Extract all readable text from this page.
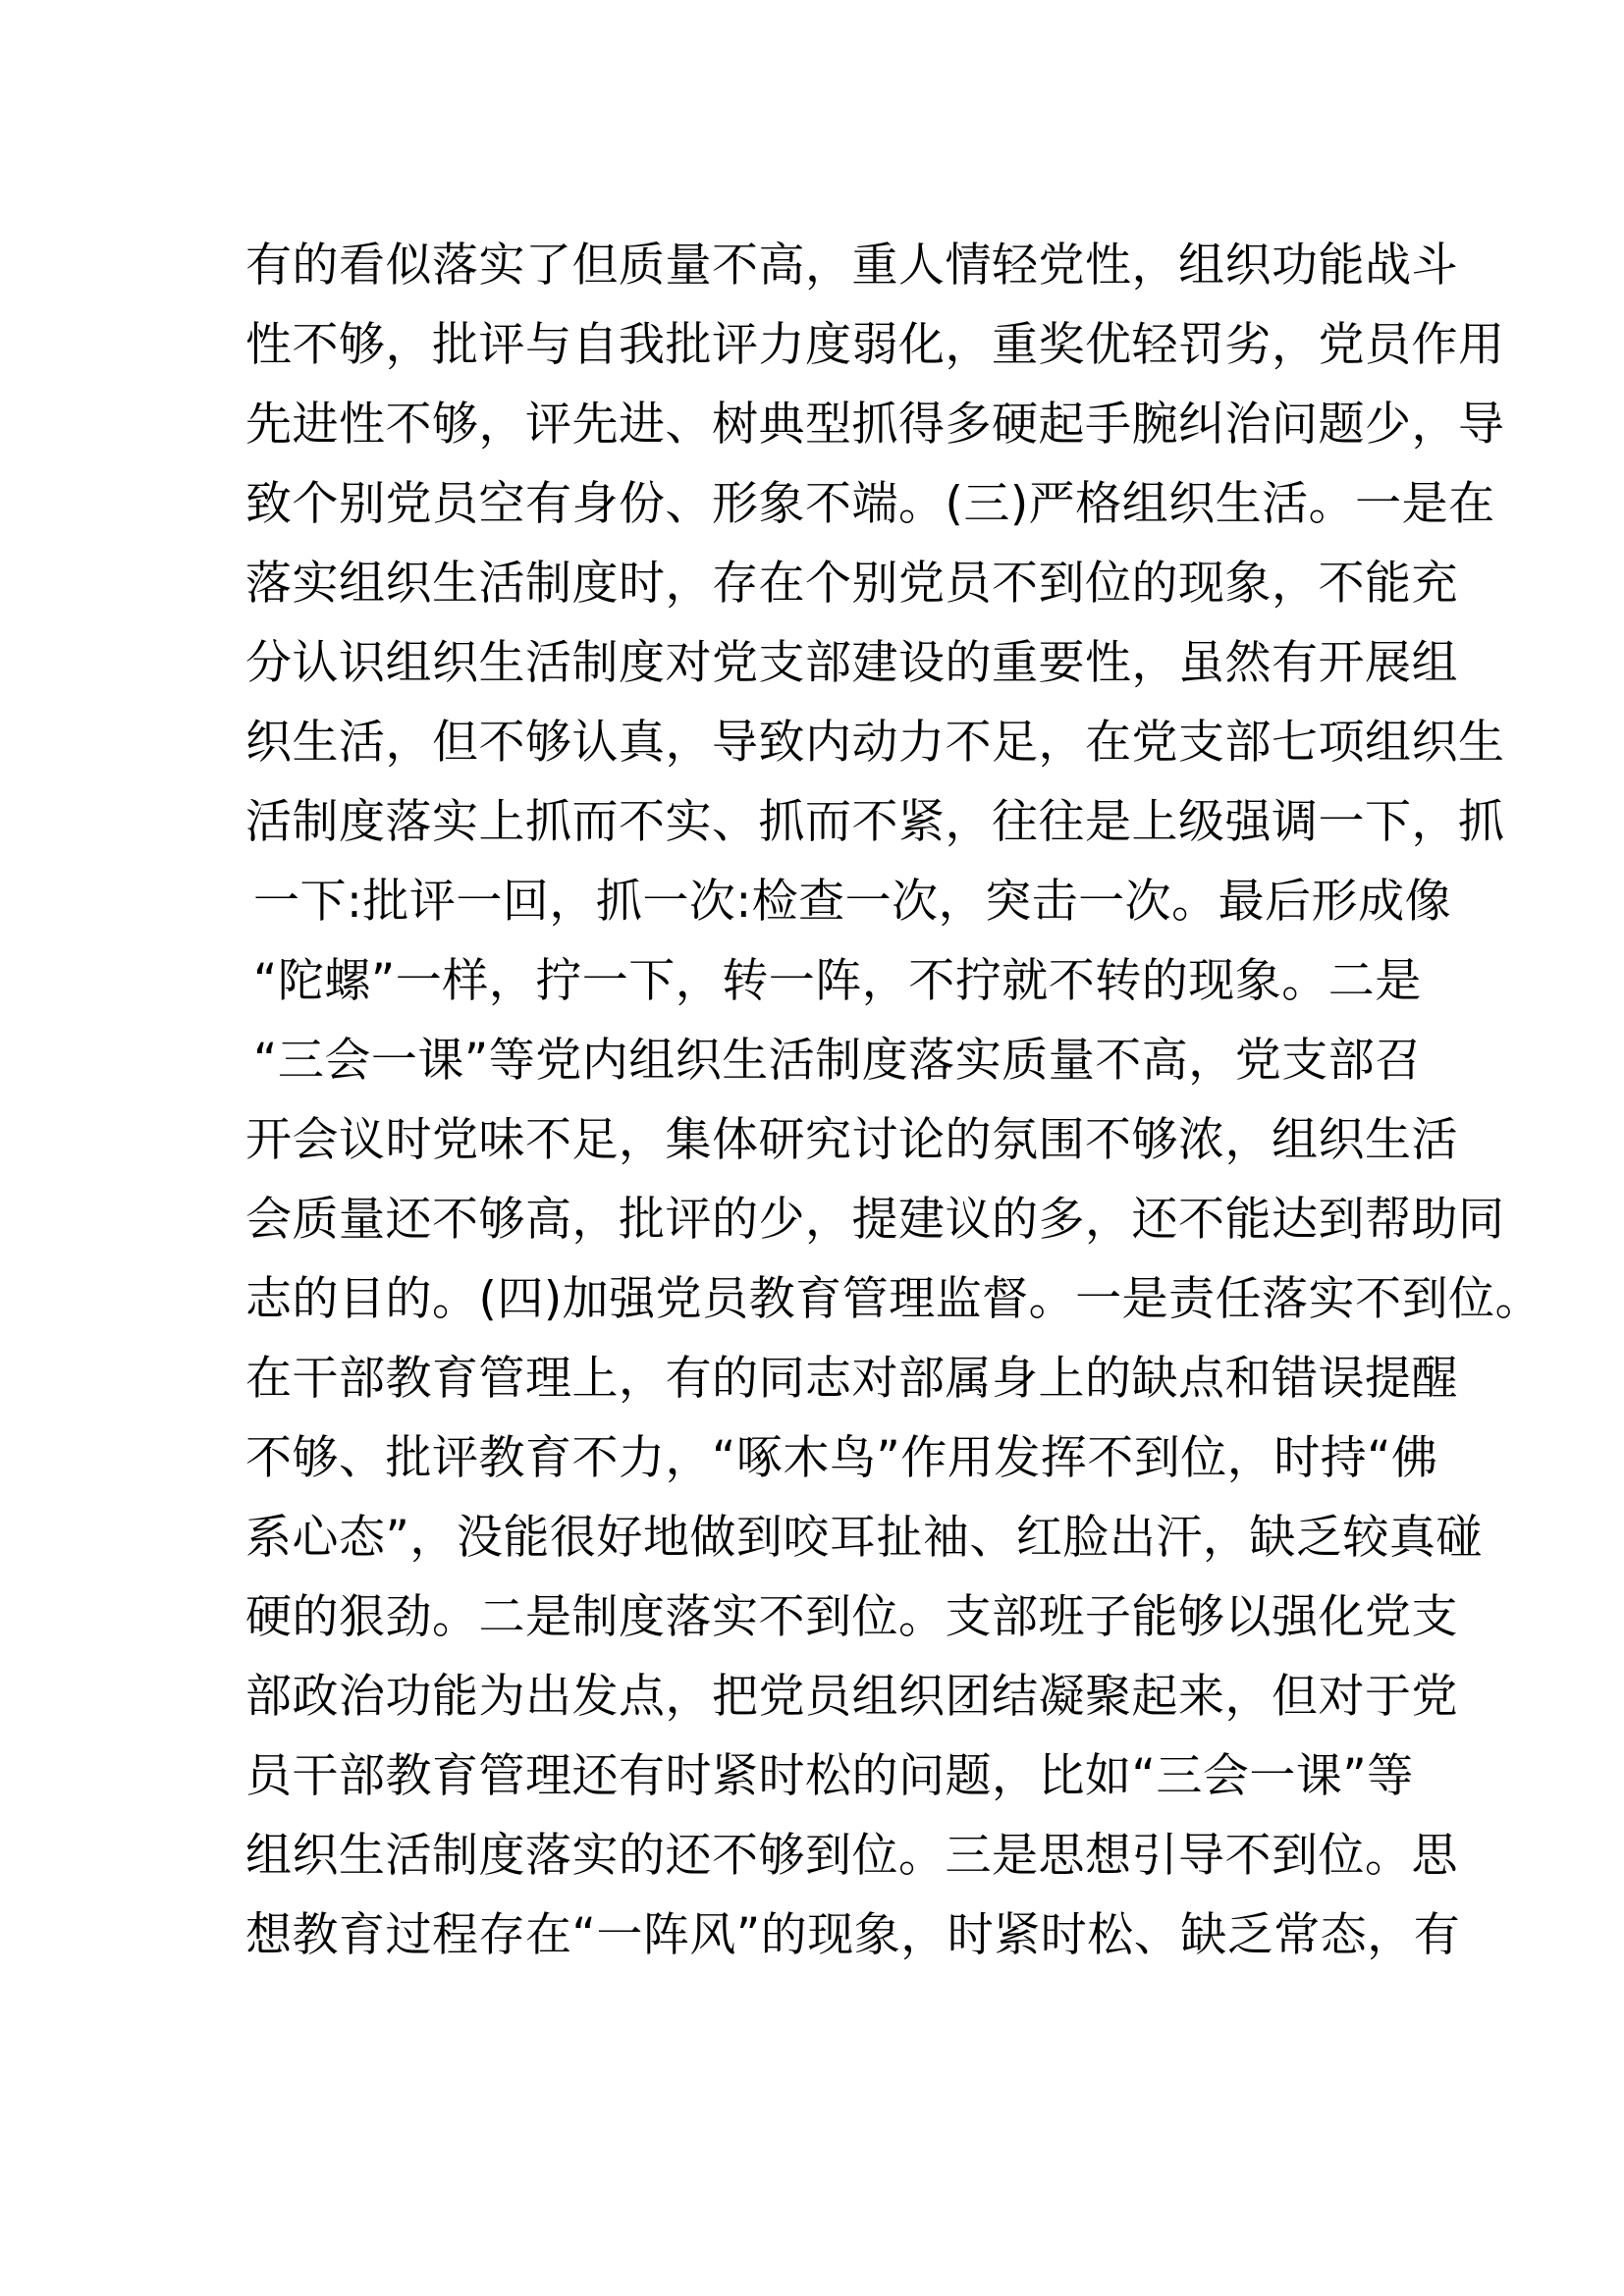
有的看似落实了但质量不高，重人情轻党性，组织功能战斗
性不够，批评与自我批评力度弱化，重奖优轻罚劣，党员作用
先进性不够，评先进、树典型抓得多硬起手腕纠治问题少，导
致个别党员空有身份、形象不端。(三)严格组织生活。一是在
落实组织生活制度时，存在个别党员不到位的现象，不能充
分认识组织生活制度对党支部建设的重要性，虽然有开展组
织生活，但不够认真，导致内动力不足，在党支部七项组织生
活制度落实上抓而不实、抓而不紧，往往是上级强调一下，抓
一下:批评一回，抓一次:检查一次，突击一次。最后形成像
“陀螺”一样，拧一下，转一阵，不拧就不转的现象。二是
“三会一课”等党内组织生活制度落实质量不高，党支部召
开会议时党味不足，集体研究讨论的氛围不够浓，组织生活
会质量还不够高，批评的少，提建议的多，还不能达到帮助同
志的目的。(四)加强党员教育管理监督。一是责任落实不到位。
在干部教育管理上，有的同志对部属身上的缺点和错误提醒
不够、批评教育不力，“啄木鸟”作用发挥不到位，时持“佛
系心态”，没能很好地做到咬耳扯袖、红脸出汗，缺乏较真碰
硬的狠劲。二是制度落实不到位。支部班子能够以强化党支
部政治功能为出发点，把党员组织团结凝聚起来，但对于党
员干部教育管理还有时紧时松的问题，比如“三会一课”等
组织生活制度落实的还不够到位。三是思想引导不到位。思
想教育过程存在“一阵风”的现象，时紧时松、缺乏常态，有
